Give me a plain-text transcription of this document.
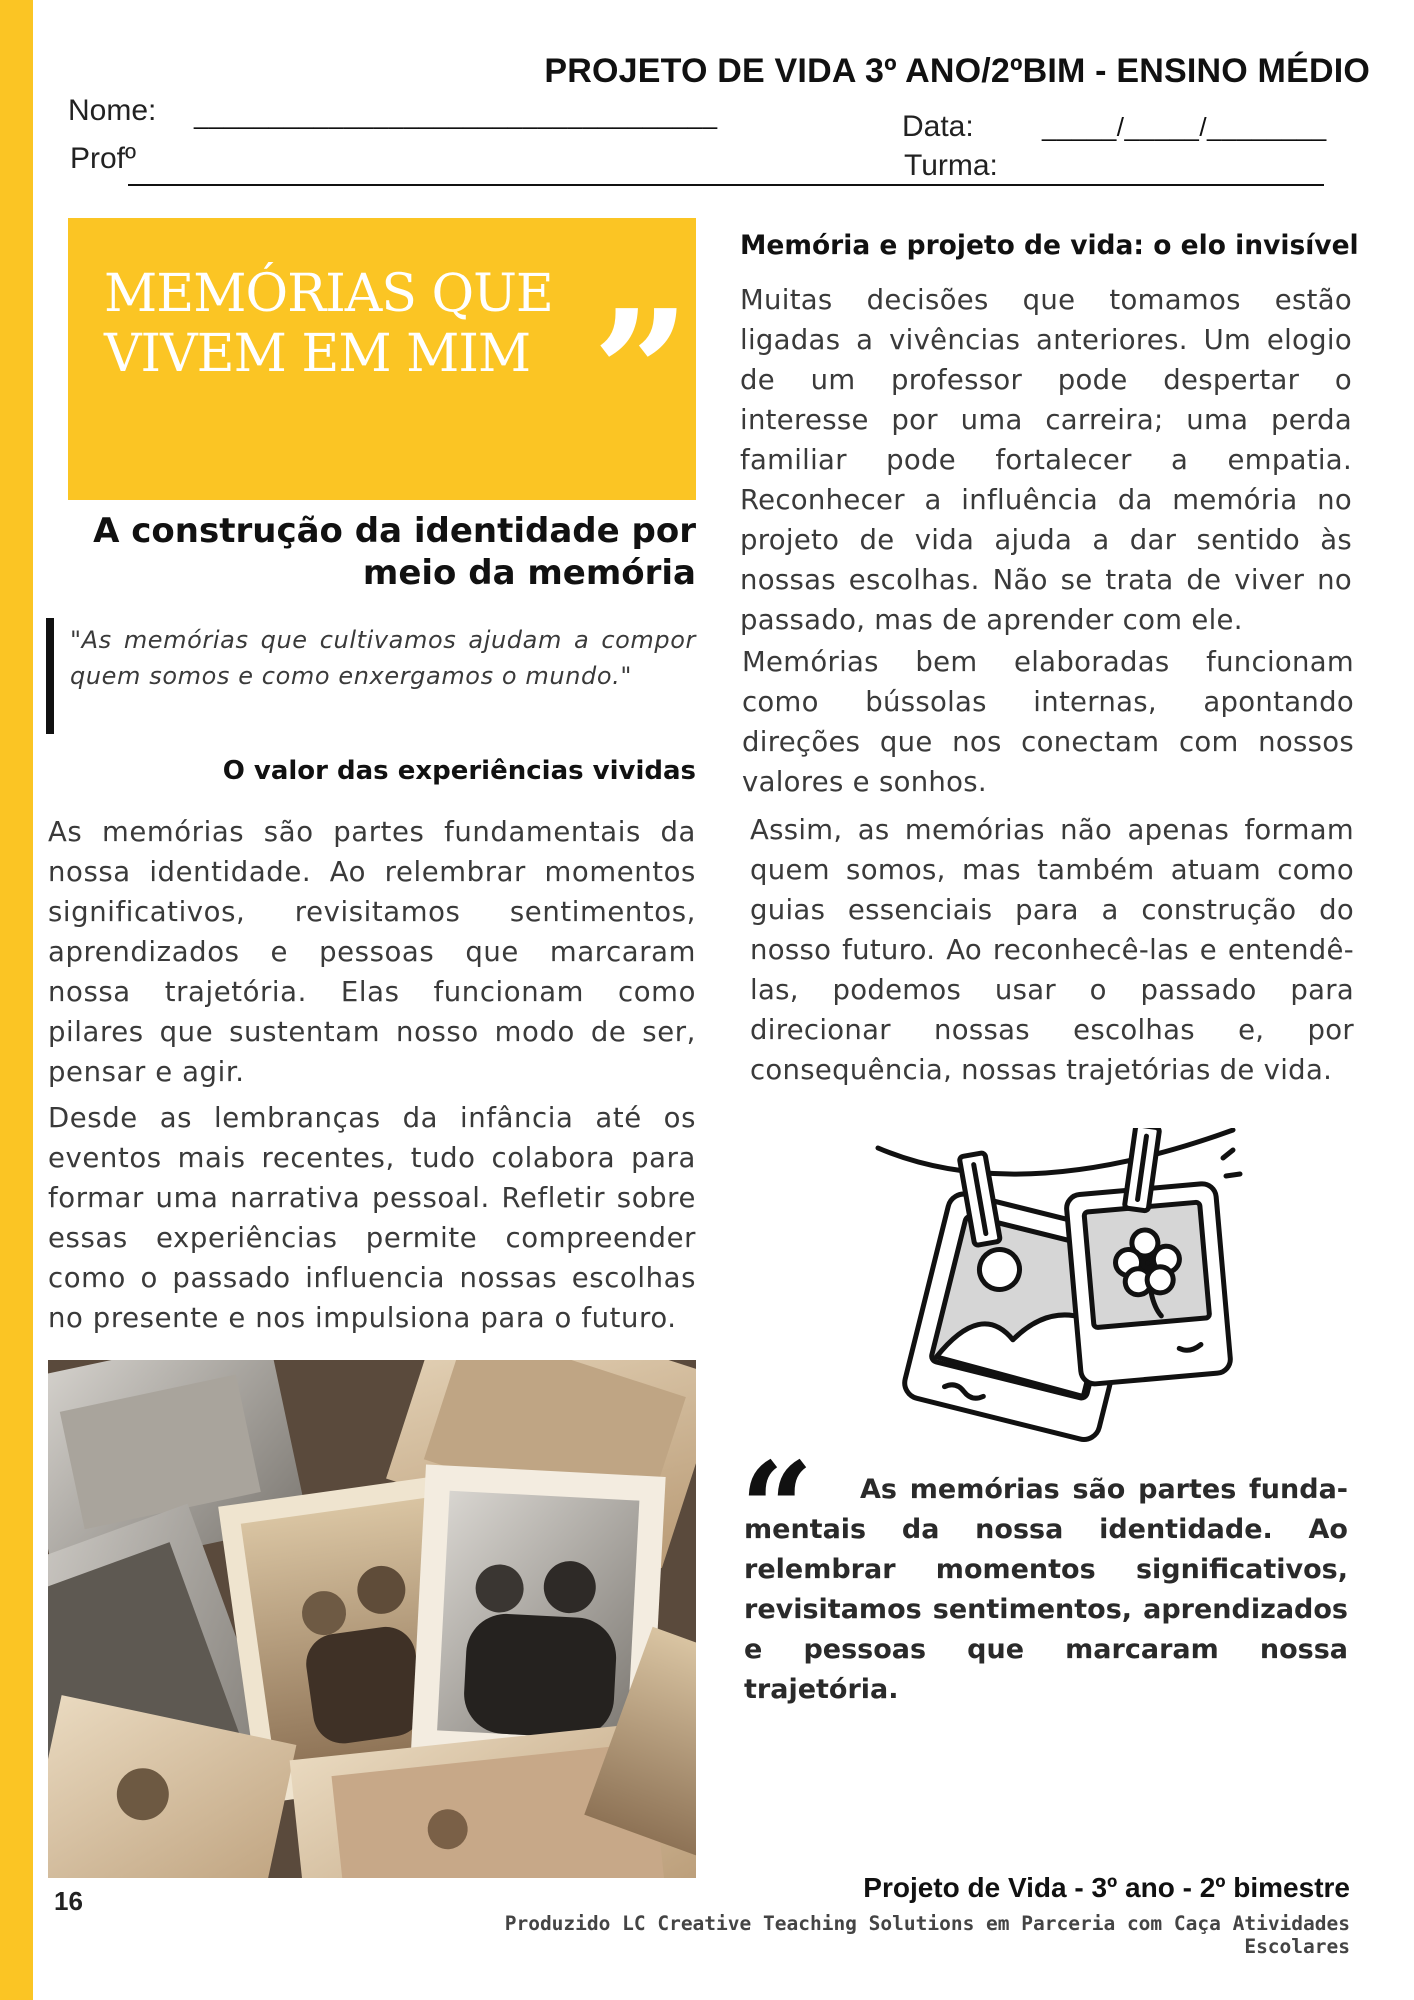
PROJETO DE VIDA 3º ANO/2ºBIM - ENSINO MÉDIO
Nome: ___________________________________
Profº
Data:	_____/_____/________
Turma:
MEMÓRIAS QUE VIVEM EM MIM ”
A construção da identidade por meio da memória
"As memórias que cultivamos ajudam a compor quem somos e como enxergamos o mundo."
O valor das experiências vividas
As memórias são partes fundamentais da nossa identidade. Ao relembrar momentos significativos, revisitamos sentimentos, aprendizados e pessoas que marcaram nossa trajetória. Elas funcionam como pilares que sustentam nosso modo de ser, pensar e agir.
Desde as lembranças da infância até os eventos mais recentes, tudo colabora para formar uma narrativa pessoal. Refletir sobre essas experiências permite compreender como o passado influencia nossas escolhas no presente e nos impulsiona para o futuro.
Memória e projeto de vida: o elo invisível
Muitas decisões que tomamos estão ligadas a vivências anteriores. Um elogio de um professor pode despertar o interesse por uma carreira; uma perda familiar pode fortalecer a empatia. Reconhecer a influência da memória no projeto de vida ajuda a dar sentido às nossas escolhas. Não se trata de viver no passado, mas de aprender com ele.
Memórias bem elaboradas funcionam como bússolas internas, apontando direções que nos conectam com nossos valores e sonhos.
Assim, as memórias não apenas formam quem somos, mas também atuam como guias essenciais para a construção do nosso futuro. Ao reconhecê-las e entendê-las, podemos usar o passado para direcionar nossas escolhas e, por consequência, nossas trajetórias de vida.
“	As memórias são partes funda-mentais da nossa identidade. Ao relembrar momentos significativos, revisitamos sentimentos, aprendizados e pessoas que marcaram nossa trajetória.
16	Projeto de Vida - 3º ano - 2º bimestre
Produzido LC Creative Teaching Solutions em Parceria com Caça Atividades Escolares
